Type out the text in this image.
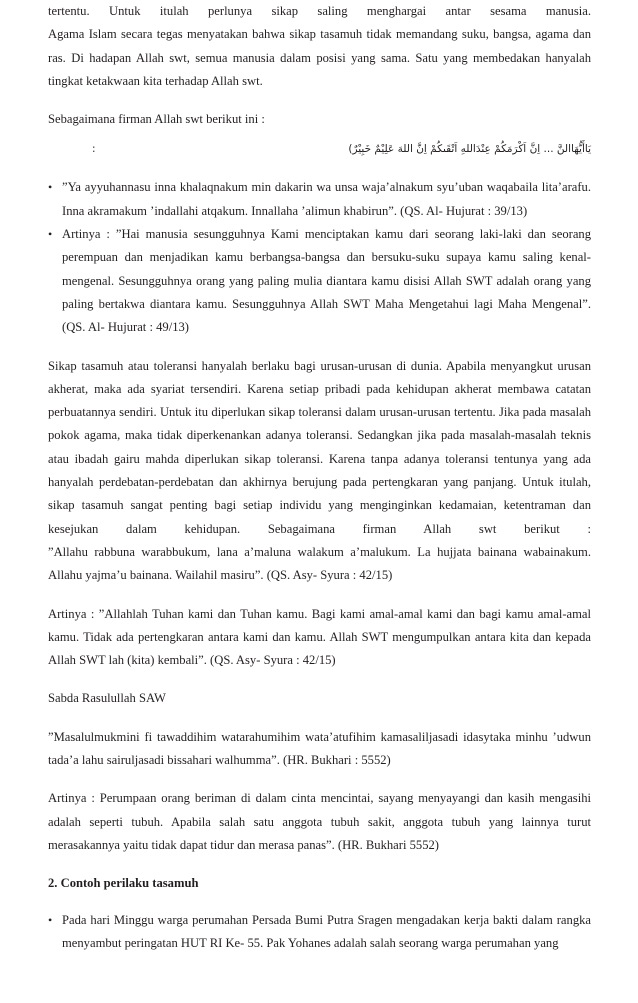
tertentu. Untuk itulah perlunya sikap saling menghargai antar sesama manusia.

Agama Islam secara tegas menyatakan bahwa sikap tasamuh tidak memandang suku, bangsa, agama dan ras. Di hadapan Allah swt, semua manusia dalam posisi yang sama. Satu yang membedakan hanyalah tingkat ketakwaan kita terhadap Allah swt.

Sebagaimana firman Allah swt berikut ini :

:	يَاأَيُّهَاالنَّ ... اِنَّ اَكْرَمَكُمْ عِنْدَاللهِ اَتْقَىكُمْ اِنَّ اللهَ عَلِيْمٌ خَبِيْرٌ)
• ”Ya ayyuhannasu inna khalaqnakum min dakarin wa unsa waja’alnakum syu’uban waqabaila lita’arafu. Inna akramakum ’indallahi atqakum. Innallaha ’alimun khabirun”. (QS. Al- Hujurat : 39/13)

• Artinya : ”Hai manusia sesungguhnya Kami menciptakan kamu dari seorang laki-laki dan seorang perempuan dan menjadikan kamu berbangsa-bangsa dan bersuku-suku supaya kamu saling kenal-mengenal. Sesungguhnya orang yang paling mulia diantara kamu disisi Allah SWT adalah orang yang paling bertakwa diantara kamu. Sesungguhnya Allah SWT Maha Mengetahui lagi Maha Mengenal”. (QS. Al- Hujurat : 49/13)

Sikap tasamuh atau toleransi hanyalah berlaku bagi urusan-urusan di dunia. Apabila menyangkut urusan akherat, maka ada syariat tersendiri. Karena setiap pribadi pada kehidupan akherat membawa catatan perbuatannya sendiri. Untuk itu diperlukan sikap toleransi dalam urusan-urusan tertentu. Jika pada masalah pokok agama, maka tidak diperkenankan adanya toleransi. Sedangkan jika pada masalah-masalah teknis atau ibadah gairu mahda diperlukan sikap toleransi. Karena tanpa adanya toleransi tentunya yang ada hanyalah perdebatan-perdebatan dan akhirnya berujung pada pertengkaran yang panjang. Untuk itulah, sikap tasamuh sangat penting bagi setiap individu yang menginginkan kedamaian, ketentraman dan kesejukan dalam kehidupan. Sebagaimana firman Allah swt berikut :

”Allahu rabbuna warabbukum, lana a’maluna walakum a’malukum. La hujjata bainana wabainakum. Allahu yajma’u bainana. Wailahil masiru”. (QS. Asy- Syura : 42/15)

Artinya : ”Allahlah Tuhan kami dan Tuhan kamu. Bagi kami amal-amal kami dan bagi kamu amal-amal kamu. Tidak ada pertengkaran antara kami dan kamu. Allah SWT mengumpulkan antara kita dan kepada Allah SWT lah (kita) kembali”. (QS. Asy- Syura : 42/15)

Sabda Rasulullah SAW

”Masalulmukmini fi tawaddihim watarahumihim wata’atufihim kamasaliljasadi idasytaka minhu ’udwun tada’a lahu sairuljasadi bissahari walhumma”. (HR. Bukhari : 5552)

Artinya : Perumpaan orang beriman di dalam cinta mencintai, sayang menyayangi dan kasih mengasihi adalah seperti tubuh. Apabila salah satu anggota tubuh sakit, anggota tubuh yang lainnya turut merasakannya yaitu tidak dapat tidur dan merasa panas”. (HR. Bukhari 5552)

2. Contoh perilaku tasamuh

• Pada hari Minggu warga perumahan Persada Bumi Putra Sragen mengadakan kerja bakti dalam rangka menyambut peringatan HUT RI Ke- 55. Pak Yohanes adalah salah seorang warga perumahan yang
